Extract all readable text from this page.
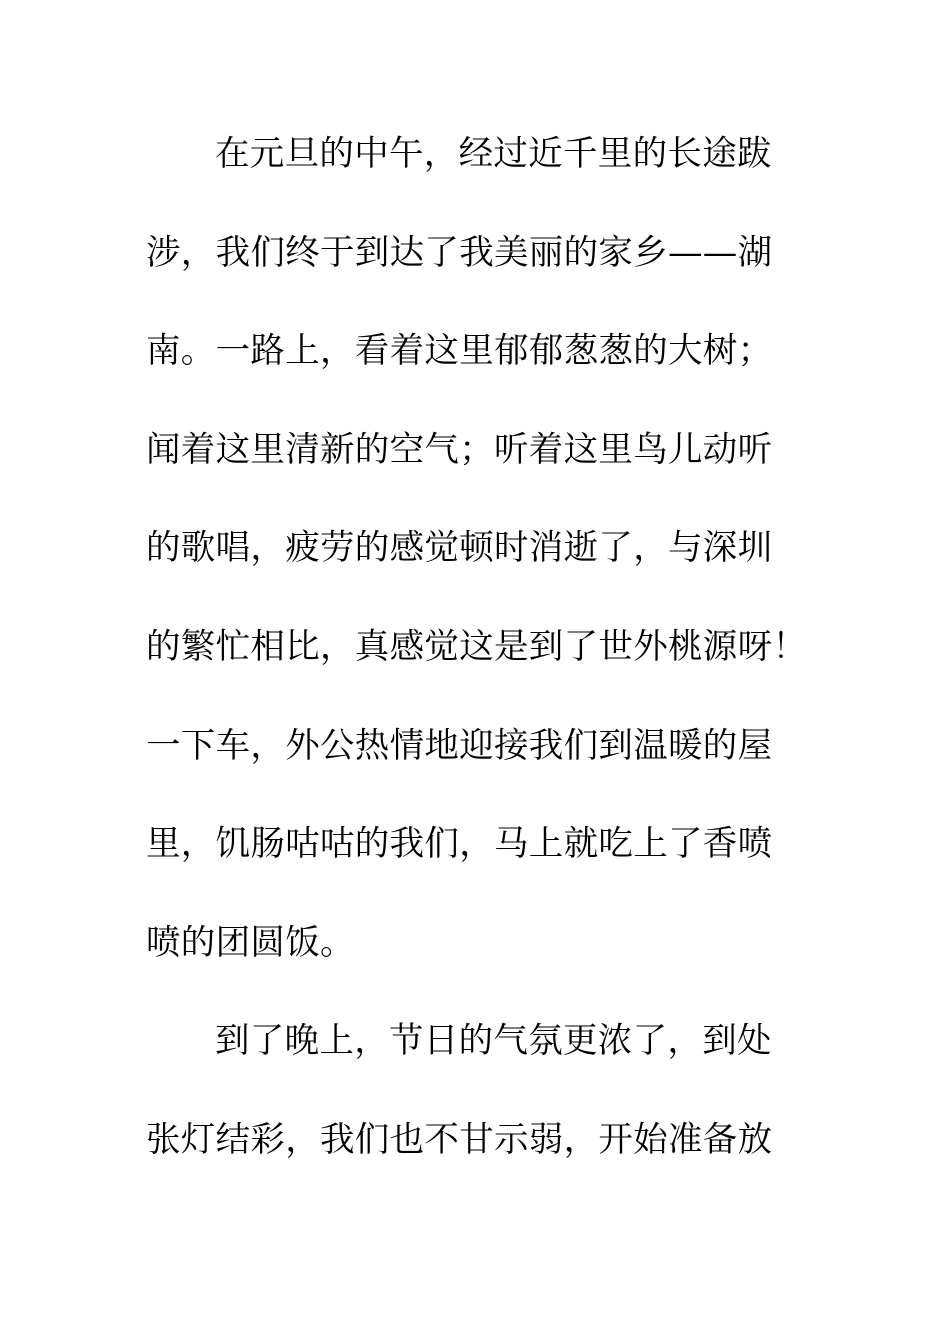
在元旦的中午，经过近千里的长途跋
涉，我们终于到达了我美丽的家乡——湖
南。一路上，看着这里郁郁葱葱的大树；
闻着这里清新的空气；听着这里鸟儿动听
的歌唱，疲劳的感觉顿时消逝了，与深圳
的繁忙相比，真感觉这是到了世外桃源呀！
一下车，外公热情地迎接我们到温暖的屋
里，饥肠咕咕的我们，马上就吃上了香喷
喷的团圆饭。
到了晚上，节日的气氛更浓了，到处
张灯结彩，我们也不甘示弱，开始准备放
